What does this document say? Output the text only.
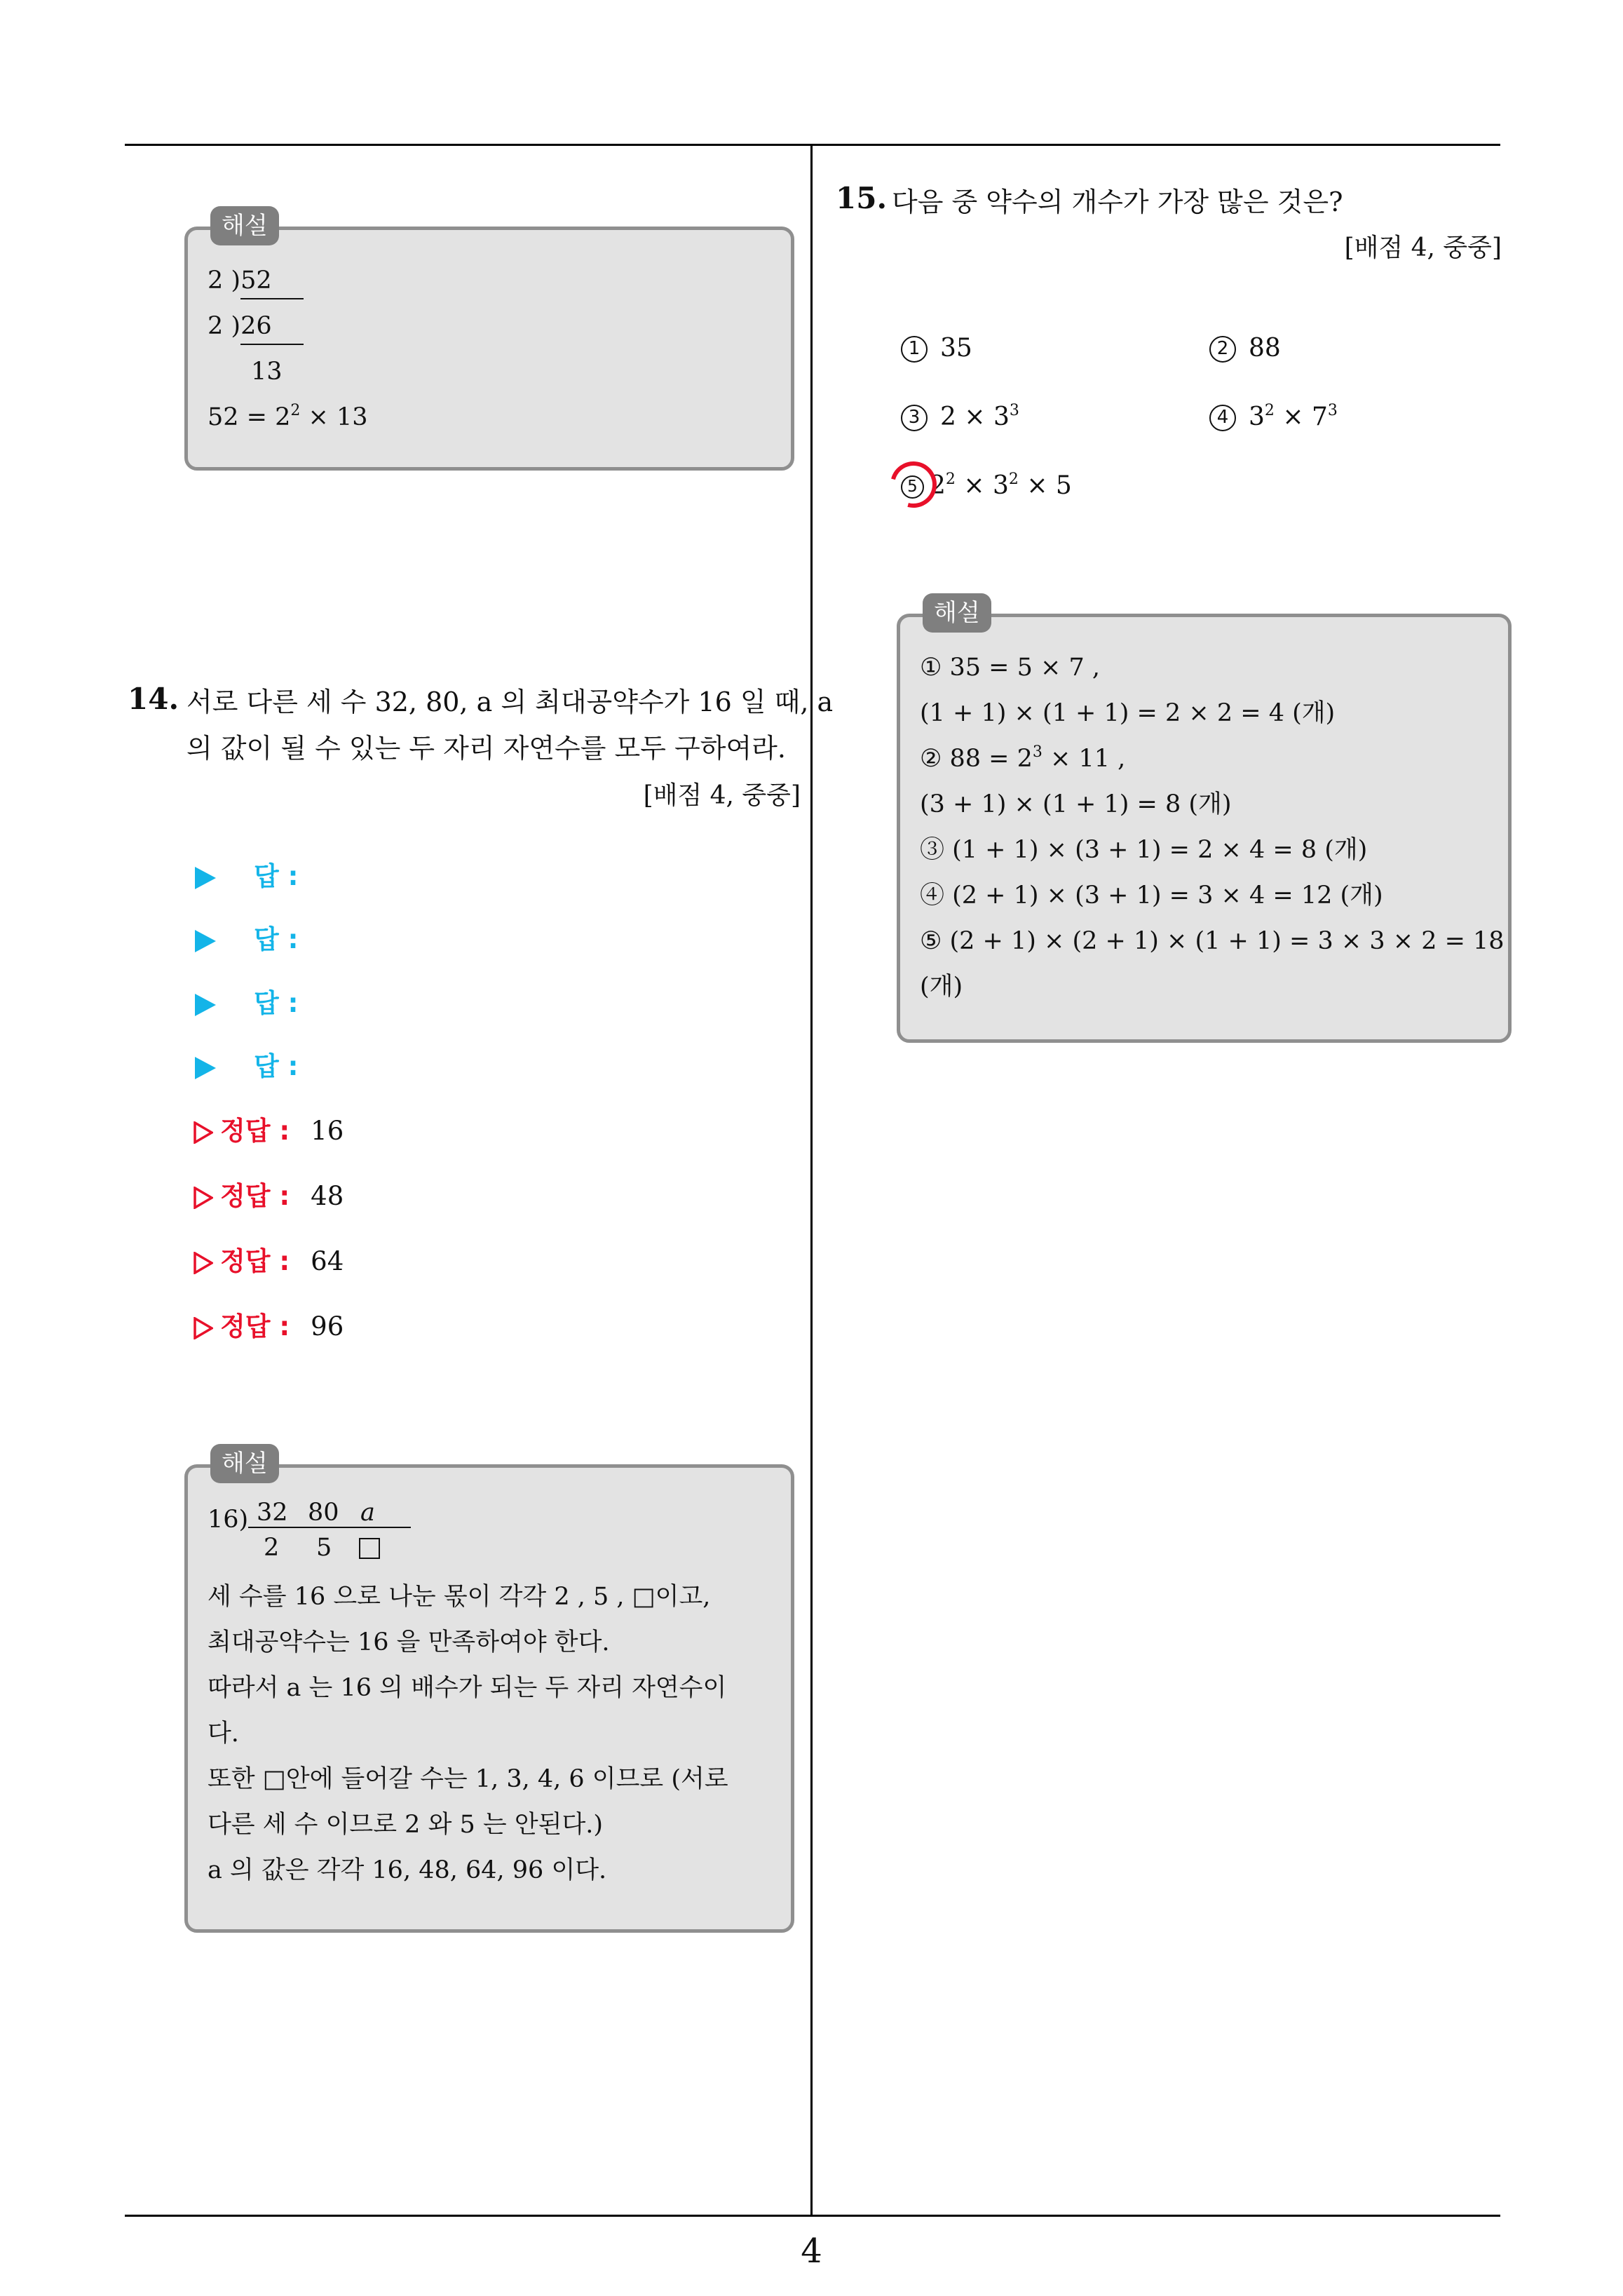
해설
2 )52
2 )26
13
$52 = 2^2 \times 13$
14. 서로 다른 세 수 32, 80, a 의 최대공약수가 16 일 때, a
의 값이 될 수 있는 두 자리 자연수를 모두 구하여라.
[배점 4, 중중]
답 :
답 :
답 :
답 :
정답 : 16
정답 : 48
정답 : 64
정답 : 96
해설
16) 32 80 a
2 5
세 수를 16 으로 나눈 몫이 각각 2 , 5 , □이고,
최대공약수는 16 을 만족하여야 한다.
따라서 a 는 16 의 배수가 되는 두 자리 자연수이
다.
또한 □안에 들어갈 수는 1, 3, 4, 6 이므로 (서로
다른 세 수 이므로 2 와 5 는 안된다.)
a 의 값은 각각 16, 48, 64, 96 이다.
15. 다음 중 약수의 개수가 가장 많은 것은?
[배점 4, 중중]
1 35	2 88
3 $2 \times 3^3$	4 $3^2 \times 7^3$
5 $2^2 \times 3^2 \times 5$
해설
① 35 = 5 × 7 ,
(1 + 1) × (1 + 1) = 2 × 2 = 4 (개)
② $88 = 2^3 \times 11$ ,
(3 + 1) × (1 + 1) = 8 (개)
③ (1 + 1) × (3 + 1) = 2 × 4 = 8 (개)
④ (2 + 1) × (3 + 1) = 3 × 4 = 12 (개)
⑤ (2 + 1) × (2 + 1) × (1 + 1) = 3 × 3 × 2 = 18
(개)
4
